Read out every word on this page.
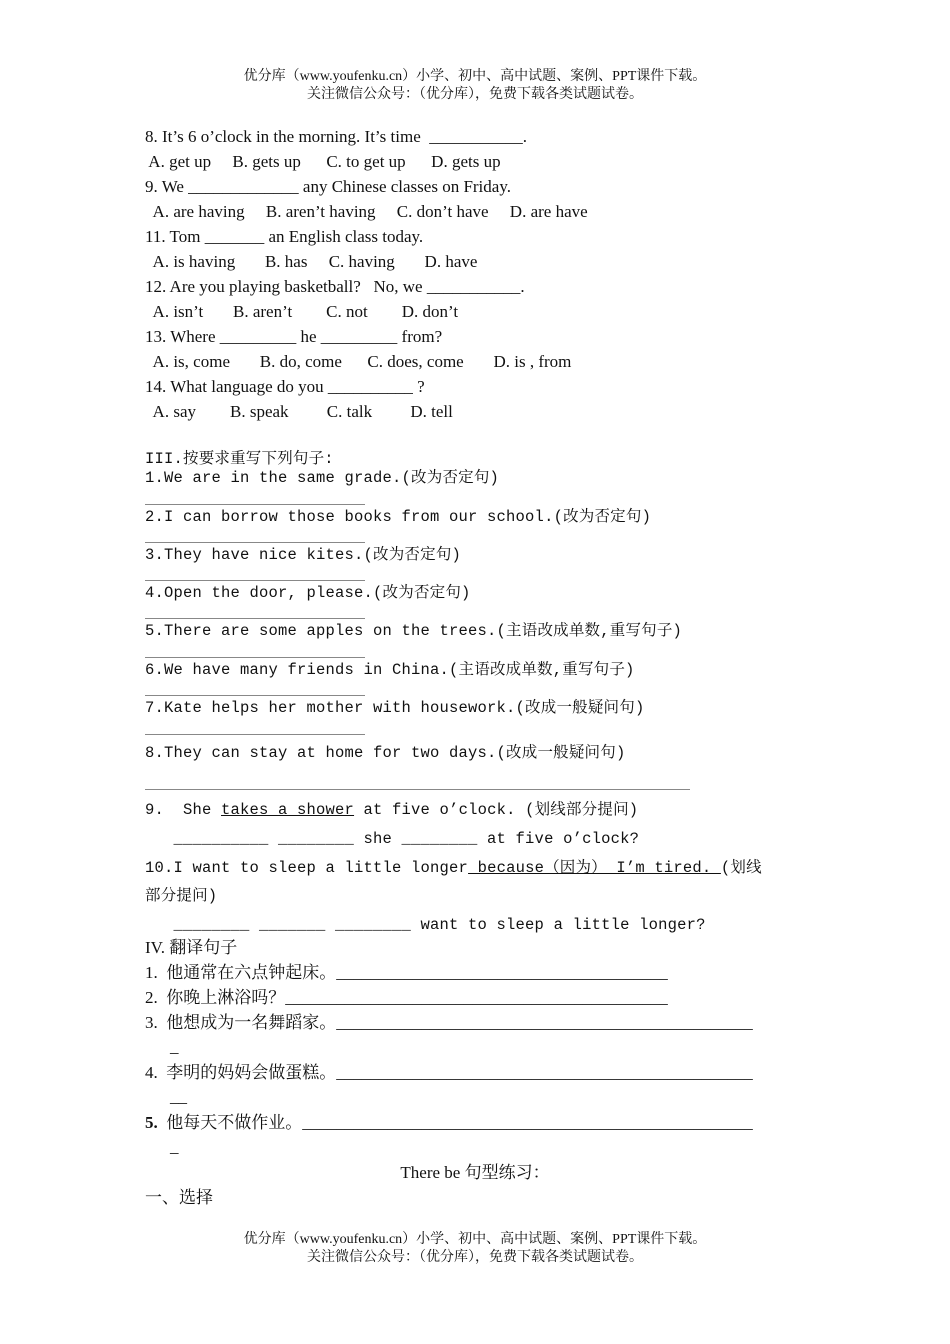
优分库（www.youfenku.cn）小学、初中、高中试题、案例、PPT课件下载。
关注微信公众号：（优分库），免费下载各类试题试卷。
8. It’s 6 o’clock in the morning. It’s time  ___________.
A. get up     B. gets up      C. to get up      D. gets up
9. We _____________ any Chinese classes on Friday.
A. are having     B. aren’t having     C. don’t have     D. are have
11. Tom _______ an English class today.
A. is having       B. has     C. having       D. have
12. Are you playing basketball?   No, we ___________.
A. isn’t       B. aren’t        C. not        D. don’t
13. Where _________ he _________ from?
A. is, come       B. do, come      C. does, come       D. is , from
14. What language do you __________ ?
A. say        B. speak         C. talk         D. tell
III.按要求重写下列句子:
1.We are in the same grade.(改为否定句)
2.I can borrow those books from our school.(改为否定句)
3.They have nice kites.(改为否定句)
4.Open the door, please.(改为否定句)
5.There are some apples on the trees.(主语改成单数,重写句子)
6.We have many friends in China.(主语改成单数,重写句子)
7.Kate helps her mother with housework.(改成一般疑问句)
8.They can stay at home for two days.(改成一般疑问句)
9.  She takes a shower at five o’clock. (划线部分提问)
__________ ________ she ________ at five o’clock?
10.I want to sleep a little longer because（因为） I’m tired. (划线
部分提问)
________ _______ ________ want to sleep a little longer?
IV. 翻译句子
1.  他通常在六点钟起床。_______________________________________
2.  你晚上淋浴吗？_____________________________________________
3.  他想成为一名舞蹈家。_________________________________________________
_
4.  李明的妈妈会做蛋糕。_________________________________________________
__
5.  他每天不做作业。_____________________________________________________
_
There be 句型练习：
一、选择
优分库（www.youfenku.cn）小学、初中、高中试题、案例、PPT课件下载。
关注微信公众号：（优分库），免费下载各类试题试卷。
